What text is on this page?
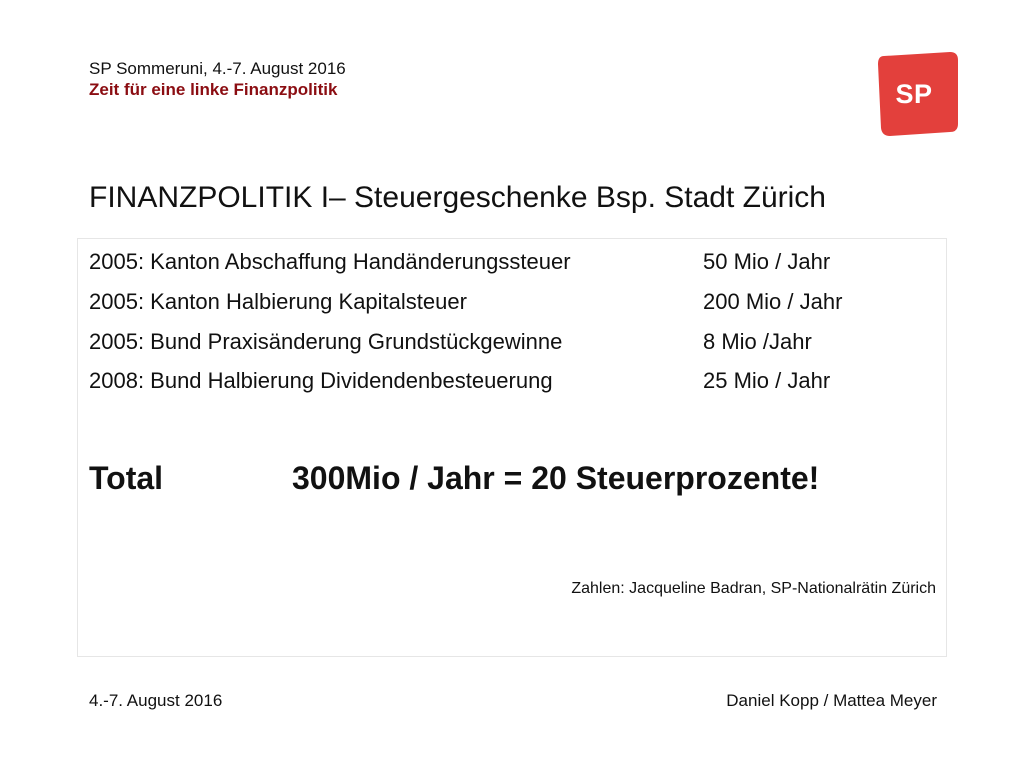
SP Sommeruni, 4.-7. August 2016
Zeit für eine linke Finanzpolitik	SP
FINANZPOLITIK I– Steuergeschenke Bsp. Stadt Zürich
2005: Kanton Abschaffung Handänderungssteuer	50 Mio / Jahr
2005: Kanton Halbierung Kapitalsteuer	200 Mio / Jahr
2005: Bund Praxisänderung Grundstückgewinne	8 Mio /Jahr
2008: Bund Halbierung Dividendenbesteuerung	25 Mio / Jahr
Total	300Mio / Jahr = 20 Steuerprozente!
Zahlen: Jacqueline Badran, SP-Nationalrätin Zürich
4.-7. August 2016	Daniel Kopp / Mattea Meyer
